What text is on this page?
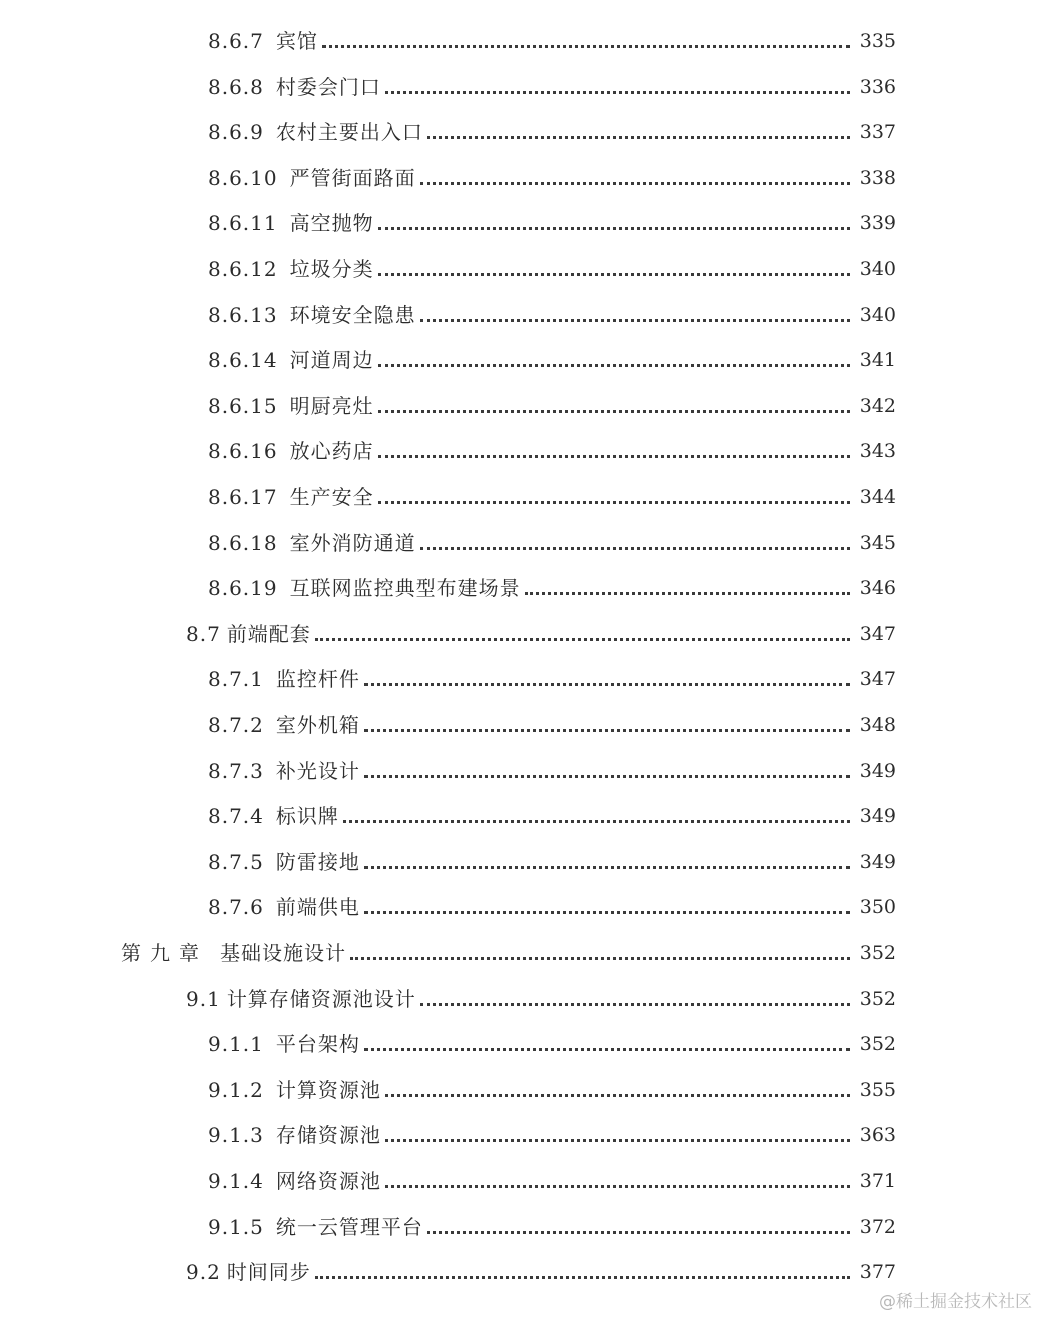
8.6.7 宾馆	335
8.6.8 村委会门口	336
8.6.9 农村主要出入口	337
8.6.10 严管街面路面	338
8.6.11 高空抛物	339
8.6.12 垃圾分类	340
8.6.13 环境安全隐患	340
8.6.14 河道周边	341
8.6.15 明厨亮灶	342
8.6.16 放心药店	343
8.6.17 生产安全	344
8.6.18 室外消防通道	345
8.6.19 互联网监控典型布建场景	346
8.7 前端配套	347
8.7.1 监控杆件	347
8.7.2 室外机箱	348
8.7.3 补光设计	349
8.7.4 标识牌	349
8.7.5 防雷接地	349
8.7.6 前端供电	350
第九章 基础设施设计	352
9.1 计算存储资源池设计	352
9.1.1 平台架构	352
9.1.2 计算资源池	355
9.1.3 存储资源池	363
9.1.4 网络资源池	371
9.1.5 统一云管理平台	372
9.2 时间同步	377
@稀土掘金技术社区
